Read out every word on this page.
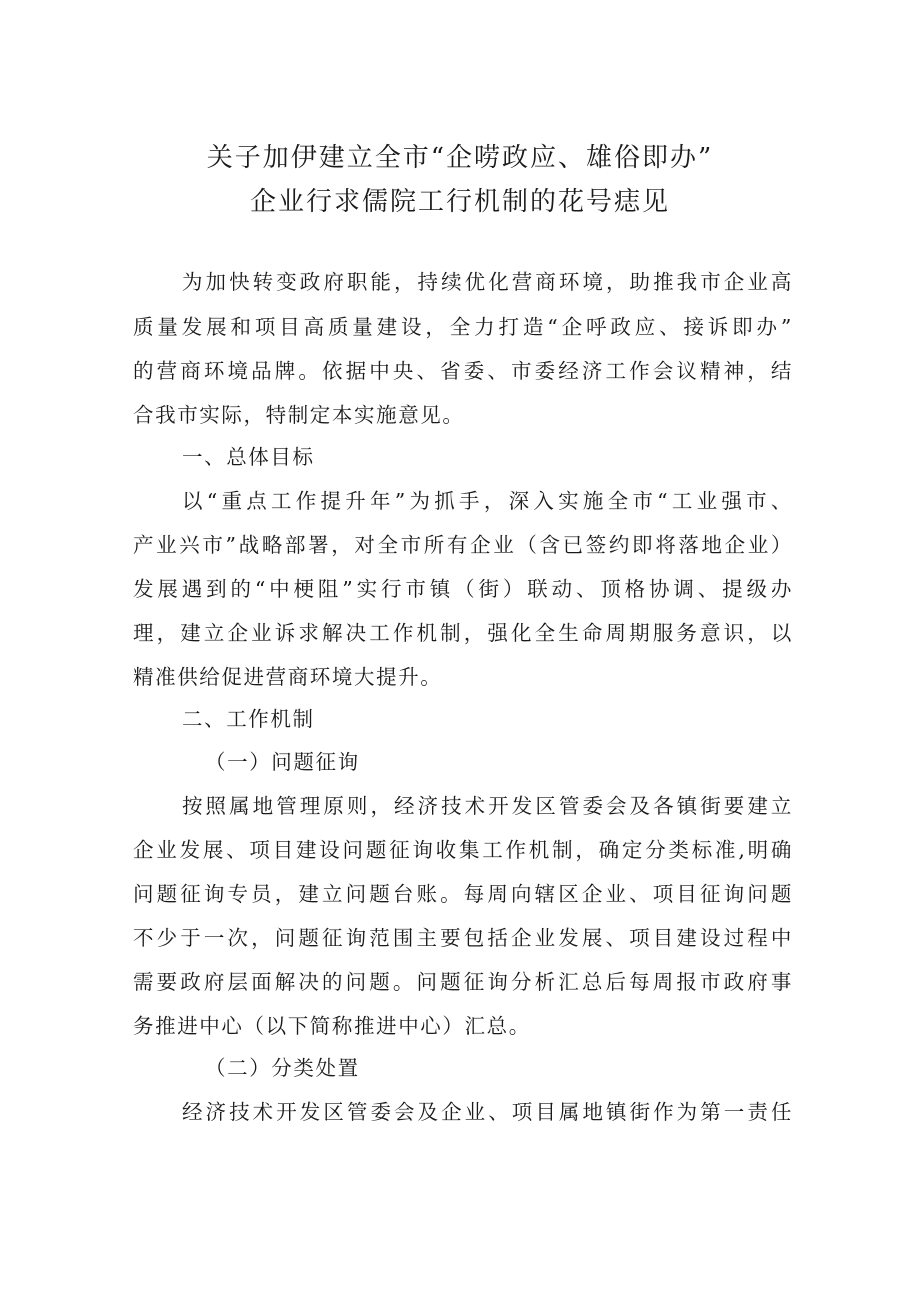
关子加伊建立全市“企唠政应、雄俗即办”
企业行求儒院工行机制的花号痣见
为加快转变政府职能，持续优化营商环境，助推我市企业高
质量发展和项目高质量建设，全力打造“企呼政应、接诉即办”
的营商环境品牌。依据中央、省委、市委经济工作会议精神，结
合我市实际，特制定本实施意见。
一、总体目标
以“重点工作提升年”为抓手，深入实施全市“工业强市、
产业兴市”战略部署，对全市所有企业（含已签约即将落地企业）
发展遇到的“中梗阻”实行市镇（街）联动、顶格协调、提级办
理，建立企业诉求解决工作机制，强化全生命周期服务意识，以
精准供给促进营商环境大提升。
二、工作机制
（一）问题征询
按照属地管理原则，经济技术开发区管委会及各镇街要建立
企业发展、项目建设问题征询收集工作机制，确定分类标准,明确
问题征询专员，建立问题台账。每周向辖区企业、项目征询问题
不少于一次，问题征询范围主要包括企业发展、项目建设过程中
需要政府层面解决的问题。问题征询分析汇总后每周报市政府事
务推进中心（以下简称推进中心）汇总。
（二）分类处置
经济技术开发区管委会及企业、项目属地镇街作为第一责任
